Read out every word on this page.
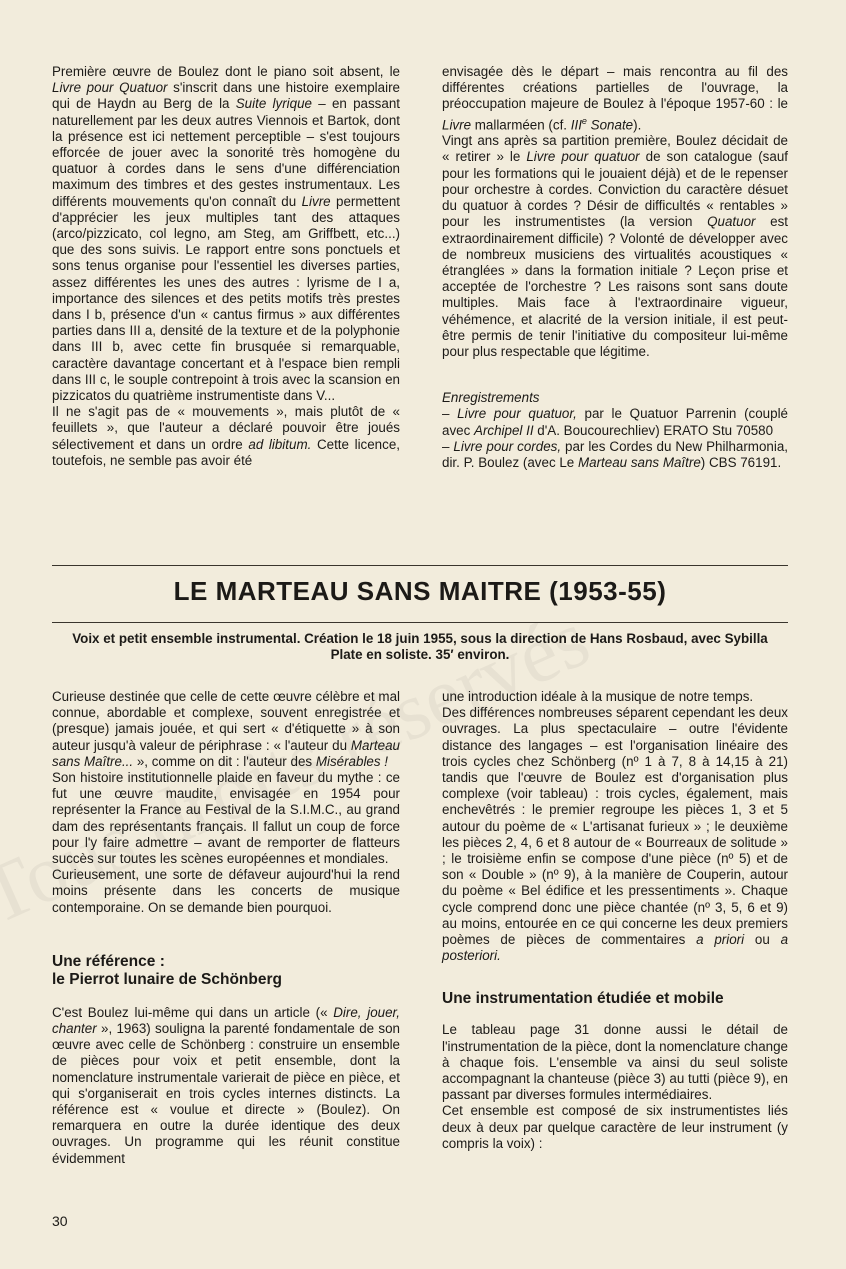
Première œuvre de Boulez dont le piano soit absent, le Livre pour Quatuor s'inscrit dans une histoire exemplaire qui de Haydn au Berg de la Suite lyrique – en passant naturellement par les deux autres Viennois et Bartok, dont la présence est ici nettement perceptible – s'est toujours efforcée de jouer avec la sonorité très homogène du quatuor à cordes dans le sens d'une différenciation maximum des timbres et des gestes instrumentaux. Les différents mouvements qu'on connaît du Livre permettent d'apprécier les jeux multiples tant des attaques (arco/pizzicato, col legno, am Steg, am Griffbett, etc...) que des sons suivis. Le rapport entre sons ponctuels et sons tenus organise pour l'essentiel les diverses parties, assez différentes les unes des autres : lyrisme de I a, importance des silences et des petits motifs très prestes dans I b, présence d'un « cantus firmus » aux différentes parties dans III a, densité de la texture et de la polyphonie dans III b, avec cette fin brusquée si remarquable, caractère davantage concertant et à l'espace bien rempli dans III c, le souple contrepoint à trois avec la scansion en pizzicatos du quatrième instrumentiste dans V...

Il ne s'agit pas de « mouvements », mais plutôt de « feuillets », que l'auteur a déclaré pouvoir être joués sélectivement et dans un ordre ad libitum. Cette licence, toutefois, ne semble pas avoir été

envisagée dès le départ – mais rencontra au fil des différentes créations partielles de l'ouvrage, la préoccupation majeure de Boulez à l'époque 1957-60 : le Livre mallarméen (cf. IIIe Sonate).

Vingt ans après sa partition première, Boulez décidait de « retirer » le Livre pour quatuor de son catalogue (sauf pour les formations qui le jouaient déjà) et de le repenser pour orchestre à cordes. Conviction du caractère désuet du quatuor à cordes ? Désir de difficultés « rentables » pour les instrumentistes (la version Quatuor est extraordinairement difficile) ? Volonté de développer avec de nombreux musiciens des virtualités acoustiques « étranglées » dans la formation initiale ? Leçon prise et acceptée de l'orchestre ? Les raisons sont sans doute multiples. Mais face à l'extraordinaire vigueur, véhémence, et alacrité de la version initiale, il est peut-être permis de tenir l'initiative du compositeur lui-même pour plus respectable que légitime.

Enregistrements

– Livre pour quatuor, par le Quatuor Parrenin (couplé avec Archipel II d'A. Boucourechliev) ERATO Stu 70580

– Livre pour cordes, par les Cordes du New Philharmonia, dir. P. Boulez (avec Le Marteau sans Maître) CBS 76191.

LE MARTEAU SANS MAITRE (1953-55)
Voix et petit ensemble instrumental. Création le 18 juin 1955, sous la direction de Hans Rosbaud, avec Sybilla Plate en soliste. 35′ environ.

Curieuse destinée que celle de cette œuvre célèbre et mal connue, abordable et complexe, souvent enregistrée et (presque) jamais jouée, et qui sert « d'étiquette » à son auteur jusqu'à valeur de périphrase : « l'auteur du Marteau sans Maître... », comme on dit : l'auteur des Misérables !

Son histoire institutionnelle plaide en faveur du mythe : ce fut une œuvre maudite, envisagée en 1954 pour représenter la France au Festival de la S.I.M.C., au grand dam des représentants français. Il fallut un coup de force pour l'y faire admettre – avant de remporter de flatteurs succès sur toutes les scènes européennes et mondiales.

Curieusement, une sorte de défaveur aujourd'hui la rend moins présente dans les concerts de musique contemporaine. On se demande bien pourquoi.

Une référence :
le Pierrot lunaire de Schönberg

C'est Boulez lui-même qui dans un article (« Dire, jouer, chanter », 1963) souligna la parenté fondamentale de son œuvre avec celle de Schönberg : construire un ensemble de pièces pour voix et petit ensemble, dont la nomenclature instrumentale varierait de pièce en pièce, et qui s'organiserait en trois cycles internes distincts. La référence est « voulue et directe » (Boulez). On remarquera en outre la durée identique des deux ouvrages. Un programme qui les réunit constitue évidemment

une introduction idéale à la musique de notre temps.

Des différences nombreuses séparent cependant les deux ouvrages. La plus spectaculaire – outre l'évidente distance des langages – est l'organisation linéaire des trois cycles chez Schönberg (nº 1 à 7, 8 à 14,15 à 21) tandis que l'œuvre de Boulez est d'organisation plus complexe (voir tableau) : trois cycles, également, mais enchevêtrés : le premier regroupe les pièces 1, 3 et 5 autour du poème de « L'artisanat furieux » ; le deuxième les pièces 2, 4, 6 et 8 autour de « Bourreaux de solitude » ; le troisième enfin se compose d'une pièce (nº 5) et de son « Double » (nº 9), à la manière de Couperin, autour du poème « Bel édifice et les pressentiments ». Chaque cycle comprend donc une pièce chantée (nº 3, 5, 6 et 9) au moins, entourée en ce qui concerne les deux premiers poèmes de pièces de commentaires a priori ou a posteriori.

Une instrumentation étudiée et mobile

Le tableau page 31 donne aussi le détail de l'instrumentation de la pièce, dont la nomenclature change à chaque fois. L'ensemble va ainsi du seul soliste accompagnant la chanteuse (pièce 3) au tutti (pièce 9), en passant par diverses formules intermédiaires.

Cet ensemble est composé de six instrumentistes liés deux à deux par quelque caractère de leur instrument (y compris la voix) :

30
